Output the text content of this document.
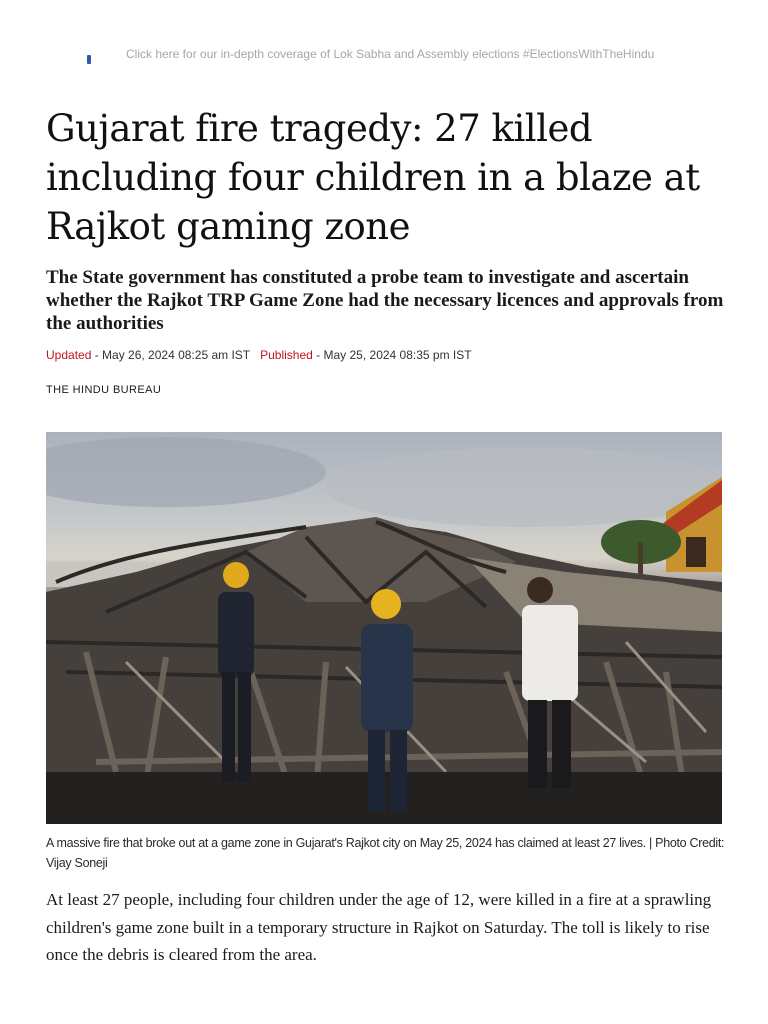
Click here for our in-depth coverage of Lok Sabha and Assembly elections #ElectionsWithTheHindu
Gujarat fire tragedy: 27 killed including four children in a blaze at Rajkot gaming zone
The State government has constituted a probe team to investigate and ascertain whether the Rajkot TRP Game Zone had the necessary licences and approvals from the authorities
Updated - May 26, 2024 08:25 am IST Published - May 25, 2024 08:35 pm IST
THE HINDU BUREAU

A massive fire that broke out at a game zone in Gujarat's Rajkot city on May 25, 2024 has claimed at least 27 lives. | Photo Credit: Vijay Soneji

At least 27 people, including four children under the age of 12, were killed in a fire at a sprawling children's game zone built in a temporary structure in Rajkot on Saturday. The toll is likely to rise once the debris is cleared from the area.
